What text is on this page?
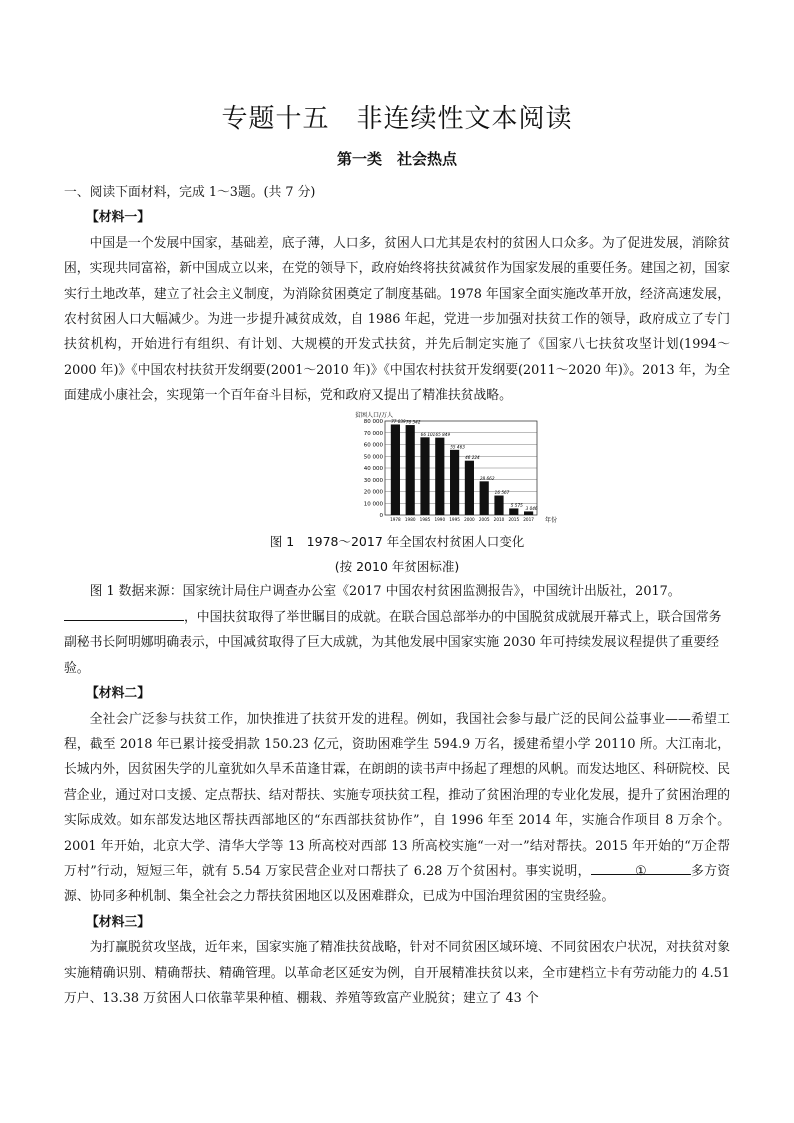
专题十五　非连续性文本阅读
第一类　社会热点

一、阅读下面材料，完成 1～3题。(共 7 分)

【材料一】

中国是一个发展中国家，基础差，底子薄，人口多，贫困人口尤其是农村的贫困人口众多。为了促进发展，消除贫困，实现共同富裕，新中国成立以来，在党的领导下，政府始终将扶贫减贫作为国家发展的重要任务。建国之初，国家实行土地改革，建立了社会主义制度，为消除贫困奠定了制度基础。1978 年国家全面实施改革开放，经济高速发展，农村贫困人口大幅减少。为进一步提升减贫成效，自 1986 年起，党进一步加强对扶贫工作的领导，政府成立了专门扶贫机构，开始进行有组织、有计划、大规模的开发式扶贫，并先后制定实施了《国家八七扶贫攻坚计划(1994～2000 年)》《中国农村扶贫开发纲要(2001～2010 年)》《中国农村扶贫开发纲要(2011～2020 年)》。2013 年，为全面建成小康社会，实现第一个百年奋斗目标，党和政府又提出了精准扶贫战略。

贫困人口/万人
年份
0
10 000
20 000
30 000
40 000
50 000
60 000
70 000
80 000 77 039
1978
76 542
1980
66 101
1985
65 849
1990
55 463
1995
46 224
2000
28 662
2005
16 567
2010
5 575
2015
3 046
2017

图 1　1978～2017 年全国农村贫困人口变化

(按 2010 年贫困标准)

图 1 数据来源：国家统计局住户调查办公室《2017 中国农村贫困监测报告》，中国统计出版社，2017。

，中国扶贫取得了举世瞩目的成就。在联合国总部举办的中国脱贫成就展开幕式上，联合国常务副秘书长阿明娜明确表示，中国减贫取得了巨大成就，为其他发展中国家实施 2030 年可持续发展议程提供了重要经验。

【材料二】

全社会广泛参与扶贫工作，加快推进了扶贫开发的进程。例如，我国社会参与最广泛的民间公益事业——希望工程，截至 2018 年已累计接受捐款 150.23 亿元，资助困难学生 594.9 万名，援建希望小学 20110 所。大江南北，长城内外，因贫困失学的儿童犹如久旱禾苗逢甘霖，在朗朗的读书声中扬起了理想的风帆。而发达地区、科研院校、民营企业，通过对口支援、定点帮扶、结对帮扶、实施专项扶贫工程，推动了贫困治理的专业化发展，提升了贫困治理的实际成效。如东部发达地区帮扶西部地区的“东西部扶贫协作”，自 1996 年至 2014 年，实施合作项目 8 万余个。2001 年开始，北京大学、清华大学等 13 所高校对西部 13 所高校实施“一对一”结对帮扶。2015 年开始的“万企帮万村”行动，短短三年，就有 5.54 万家民营企业对口帮扶了 6.28 万个贫困村。事实说明，	①	多方资源、协同多种机制、集全社会之力帮扶贫困地区以及困难群众，已成为中国治理贫困的宝贵经验。

【材料三】

为打赢脱贫攻坚战，近年来，国家实施了精准扶贫战略，针对不同贫困区域环境、不同贫困农户状况，对扶贫对象实施精确识别、精确帮扶、精确管理。以革命老区延安为例，自开展精准扶贫以来，全市建档立卡有劳动能力的 4.51 万户、13.38 万贫困人口依靠苹果种植、棚栽、养殖等致富产业脱贫；建立了 43 个
